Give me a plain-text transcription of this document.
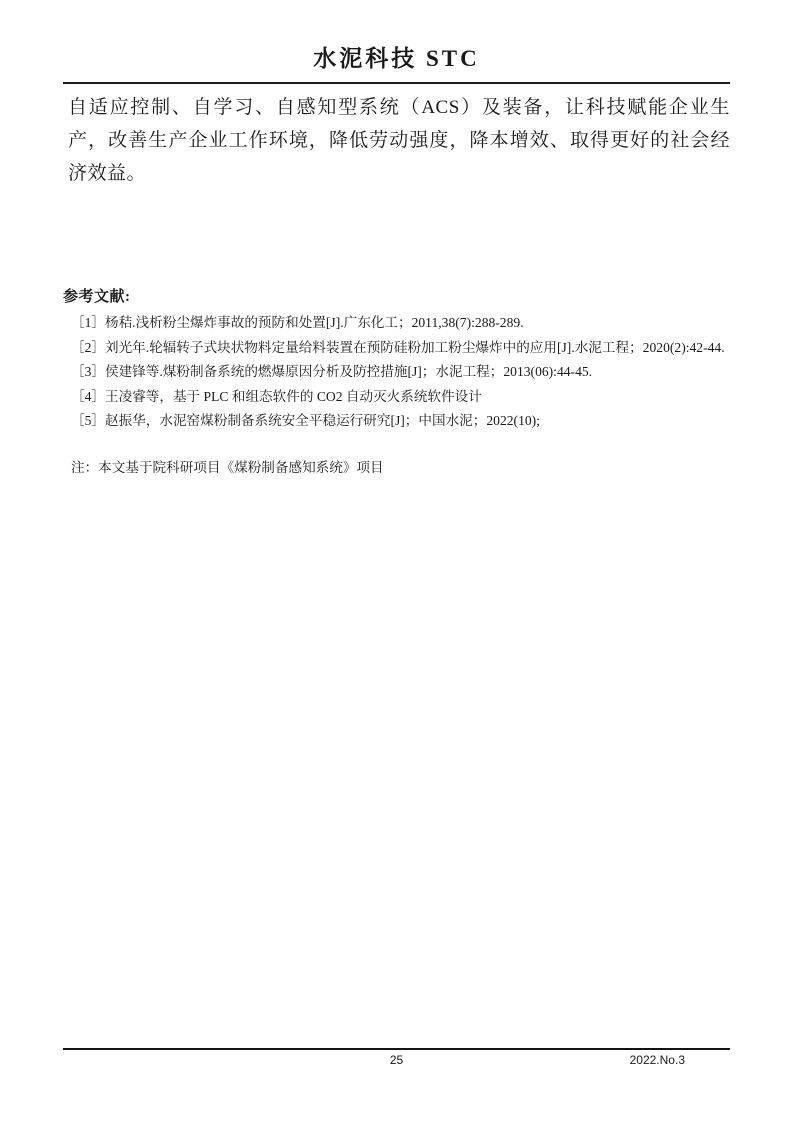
水泥科技 STC

自适应控制、自学习、自感知型系统（ACS）及装备，让科技赋能企业生产，改善生产企业工作环境，降低劳动强度，降本增效、取得更好的社会经济效益。

参考文献:

［1］杨秸.浅析粉尘爆炸事故的预防和处置[J].广东化工；2011,38(7):288-289.

［2］刘光年.轮辐转子式块状物料定量给料装置在预防硅粉加工粉尘爆炸中的应用[J].水泥工程；2020(2):42-44.

［3］侯建锋等.煤粉制备系统的燃爆原因分析及防控措施[J]；水泥工程；2013(06):44-45.

［4］王凌睿等，基于 PLC 和组态软件的 CO2 自动灭火系统软件设计

［5］赵振华，水泥窑煤粉制备系统安全平稳运行研究[J]；中国水泥；2022(10);

注：本文基于院科研项目《煤粉制备感知系统》项目

25	2022.No.3
